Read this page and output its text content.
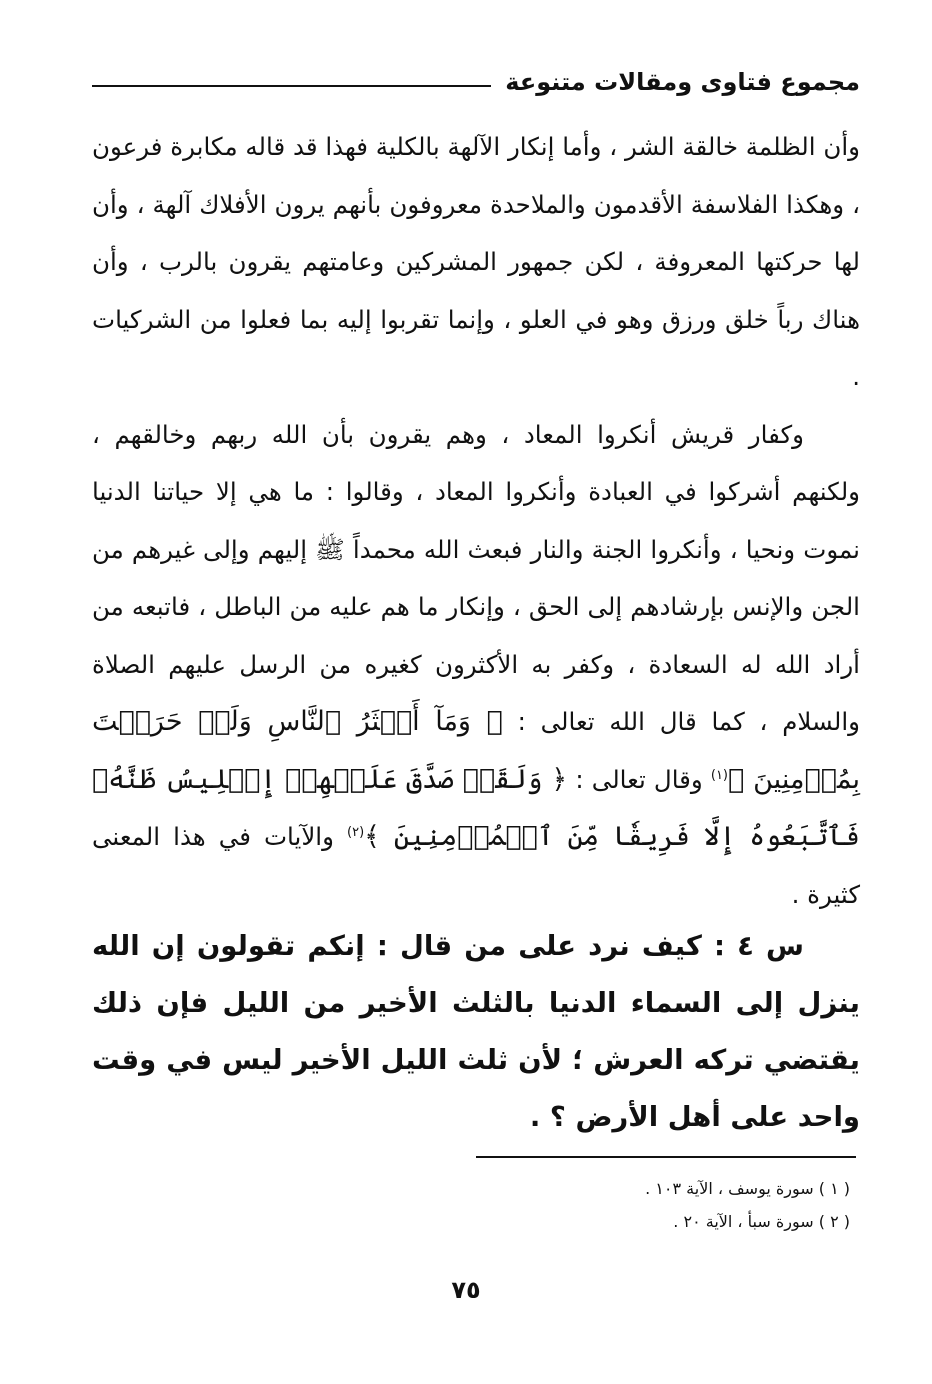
مجموع فتاوى ومقالات متنوعة

وأن الظلمة خالقة الشر ، وأما إنكار الآلهة بالكلية فهذا قد قاله مكابرة فرعون ، وهكذا الفلاسفة الأقدمون والملاحدة معروفون بأنهم يرون الأفلاك آلهة ، وأن لها حركتها المعروفة ، لكن جمهور المشركين وعامتهم يقرون بالرب ، وأن هناك رباً خلق ورزق وهو في العلو ، وإنما تقربوا إليه بما فعلوا من الشركيات .

وكفار قريش أنكروا المعاد ، وهم يقرون بأن الله ربهم وخالقهم ، ولكنهم أشركوا في العبادة وأنكروا المعاد ، وقالوا : ما هي إلا حياتنا الدنيا نموت ونحيا ، وأنكروا الجنة والنار فبعث الله محمداً ﷺ إليهم وإلى غيرهم من الجن والإنس بإرشادهم إلى الحق ، وإنكار ما هم عليه من الباطل ، فاتبعه من أراد الله له السعادة ، وكفر به الأكثرون كغيره من الرسل عليهم الصلاة والسلام ، كما قال الله تعالى : ﴿ وَمَآ أَكۡثَرُ ٱلنَّاسِ وَلَوۡ حَرَصۡتَ بِمُؤۡمِنِينَ ﴾$^{(١)}$ وقال تعالى : ﴿ وَلَقَدۡ صَدَّقَ عَلَيۡهِمۡ إِبۡلِيسُ ظَنَّهُۥ فَٱتَّبَعُوهُ إِلَّا فَرِيقٗا مِّنَ ٱلۡمُؤۡمِنِينَ ﴾$^{(٢)}$ والآيات في هذا المعنى كثيرة .

س ٤ : كيف نرد على من قال : إنكم تقولون إن الله ينزل إلى السماء الدنيا بالثلث الأخير من الليل فإن ذلك يقتضي تركه العرش ؛ لأن ثلث الليل الأخير ليس في وقت واحد على أهل الأرض ؟ .

( ١ ) سورة يوسف ، الآية ١٠٣ .
( ٢ ) سورة سبأ ، الآية ٢٠ .
٧٥
